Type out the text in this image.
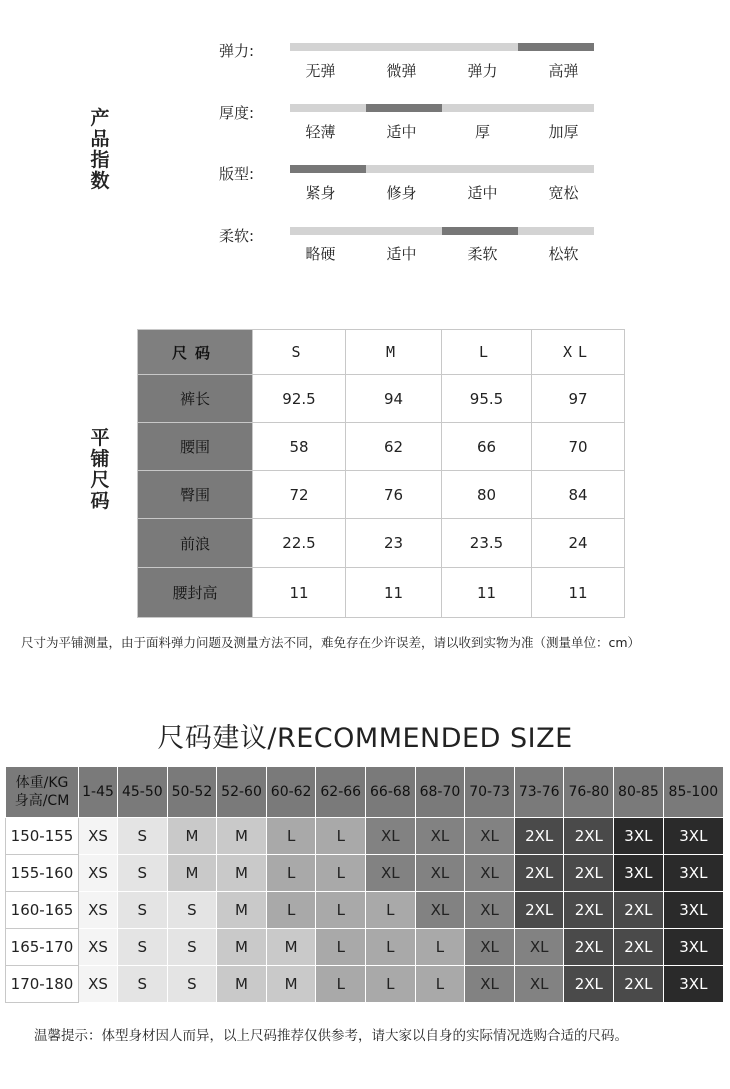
产品指数
弹力:
无弹	微弹	弹力	高弹
厚度:
轻薄	适中	厚	加厚
版型:
紧身	修身	适中	宽松
柔软:
略硬	适中	柔软	松软
平铺尺码
尺码	S	M	L	XL
裤长	92.5	94	95.5	97
腰围	58	62	66	70
臀围	72	76	80	84
前浪	22.5	23	23.5	24
腰封高	11	11	11	11
尺寸为平铺测量，由于面料弹力问题及测量方法不同，难免存在少许误差，请以收到实物为准（测量单位：cm）
尺码建议/RECOMMENDED SIZE
体重/KG
身高/CM	1-45	45-50	50-52	52-60	60-62	62-66	66-68	68-70	70-73	73-76	76-80	80-85	85-100
150-155	XS	S	M	M	L	L	XL	XL	XL	2XL	2XL	3XL	3XL
155-160	XS	S	M	M	L	L	XL	XL	XL	2XL	2XL	3XL	3XL
160-165	XS	S	S	M	L	L	L	XL	XL	2XL	2XL	2XL	3XL
165-170	XS	S	S	M	M	L	L	L	XL	XL	2XL	2XL	3XL
170-180	XS	S	S	M	M	L	L	L	XL	XL	2XL	2XL	3XL
温馨提示：体型身材因人而异，以上尺码推荐仅供参考，请大家以自身的实际情况选购合适的尺码。
